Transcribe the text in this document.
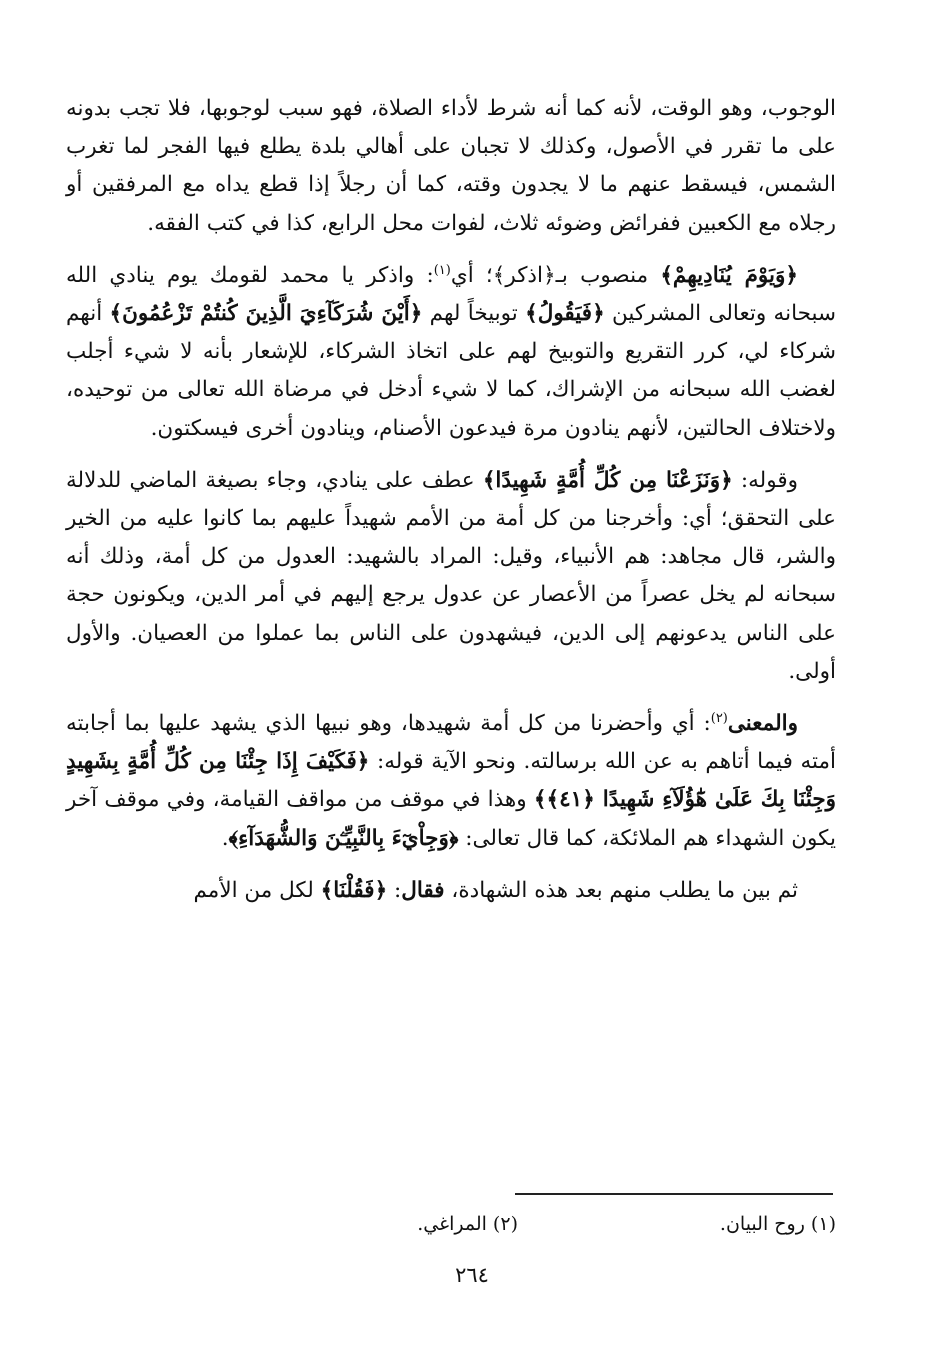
الوجوب، وهو الوقت، لأنه كما أنه شرط لأداء الصلاة، فهو سبب لوجوبها، فلا تجب بدونه على ما تقرر في الأصول، وكذلك لا تجبان على أهالي بلدة يطلع فيها الفجر لما تغرب الشمس، فيسقط عنهم ما لا يجدون وقته، كما أن رجلاً إذا قطع يداه مع المرفقين أو رجلاه مع الكعبين ففرائض وضوئه ثلاث، لفوات محل الرابع، كذا في كتب الفقه.

﴿وَيَوْمَ يُنَادِيهِمْ﴾ منصوب بـ﴿اذكر﴾؛ أي$^{(١)}$: واذكر يا محمد لقومك يوم ينادي الله سبحانه وتعالى المشركين ﴿فَيَقُولُ﴾ توبيخاً لهم ﴿أَيْنَ شُرَكَآءِيَ الَّذِينَ كُنتُمْ تَزْعُمُونَ﴾ أنهم شركاء لي، كرر التقريع والتوبيخ لهم على اتخاذ الشركاء، للإشعار بأنه لا شيء أجلب لغضب الله سبحانه من الإشراك، كما لا شيء أدخل في مرضاة الله تعالى من توحيده، ولاختلاف الحالتين، لأنهم ينادون مرة فيدعون الأصنام، وينادون أخرى فيسكتون.

وقوله: ﴿وَنَزَعْنَا مِن كُلِّ أُمَّةٍ شَهِيدًا﴾ عطف على ينادي، وجاء بصيغة الماضي للدلالة على التحقق؛ أي: وأخرجنا من كل أمة من الأمم شهيداً عليهم بما كانوا عليه من الخير والشر، قال مجاهد: هم الأنبياء، وقيل: المراد بالشهيد: العدول من كل أمة، وذلك أنه سبحانه لم يخل عصراً من الأعصار عن عدول يرجع إليهم في أمر الدين، ويكونون حجة على الناس يدعونهم إلى الدين، فيشهدون على الناس بما عملوا من العصيان. والأول أولى.

والمعنى$^{(٢)}$: أي وأحضرنا من كل أمة شهيدها، وهو نبيها الذي يشهد عليها بما أجابته أمته فيما أتاهم به عن الله برسالته. ونحو الآية قوله: ﴿فَكَيْفَ إِذَا جِئْنَا مِن كُلِّ أُمَّةٍ بِشَهِيدٍ وَجِئْنَا بِكَ عَلَىٰ هَٰٓؤُلَآءِ شَهِيدًا ﴿٤١﴾﴾ وهذا في موقف من مواقف القيامة، وفي موقف آخر يكون الشهداء هم الملائكة، كما قال تعالى: ﴿وَجِاْيٓءَ بِالنَّبِيِّـۧنَ وَالشُّهَدَآءِ﴾.

ثم بين ما يطلب منهم بعد هذه الشهادة، فقال: ﴿فَقُلْنَا﴾ لكل من الأمم

(١) روح البيان.
(٢) المراغي.
٢٦٤
